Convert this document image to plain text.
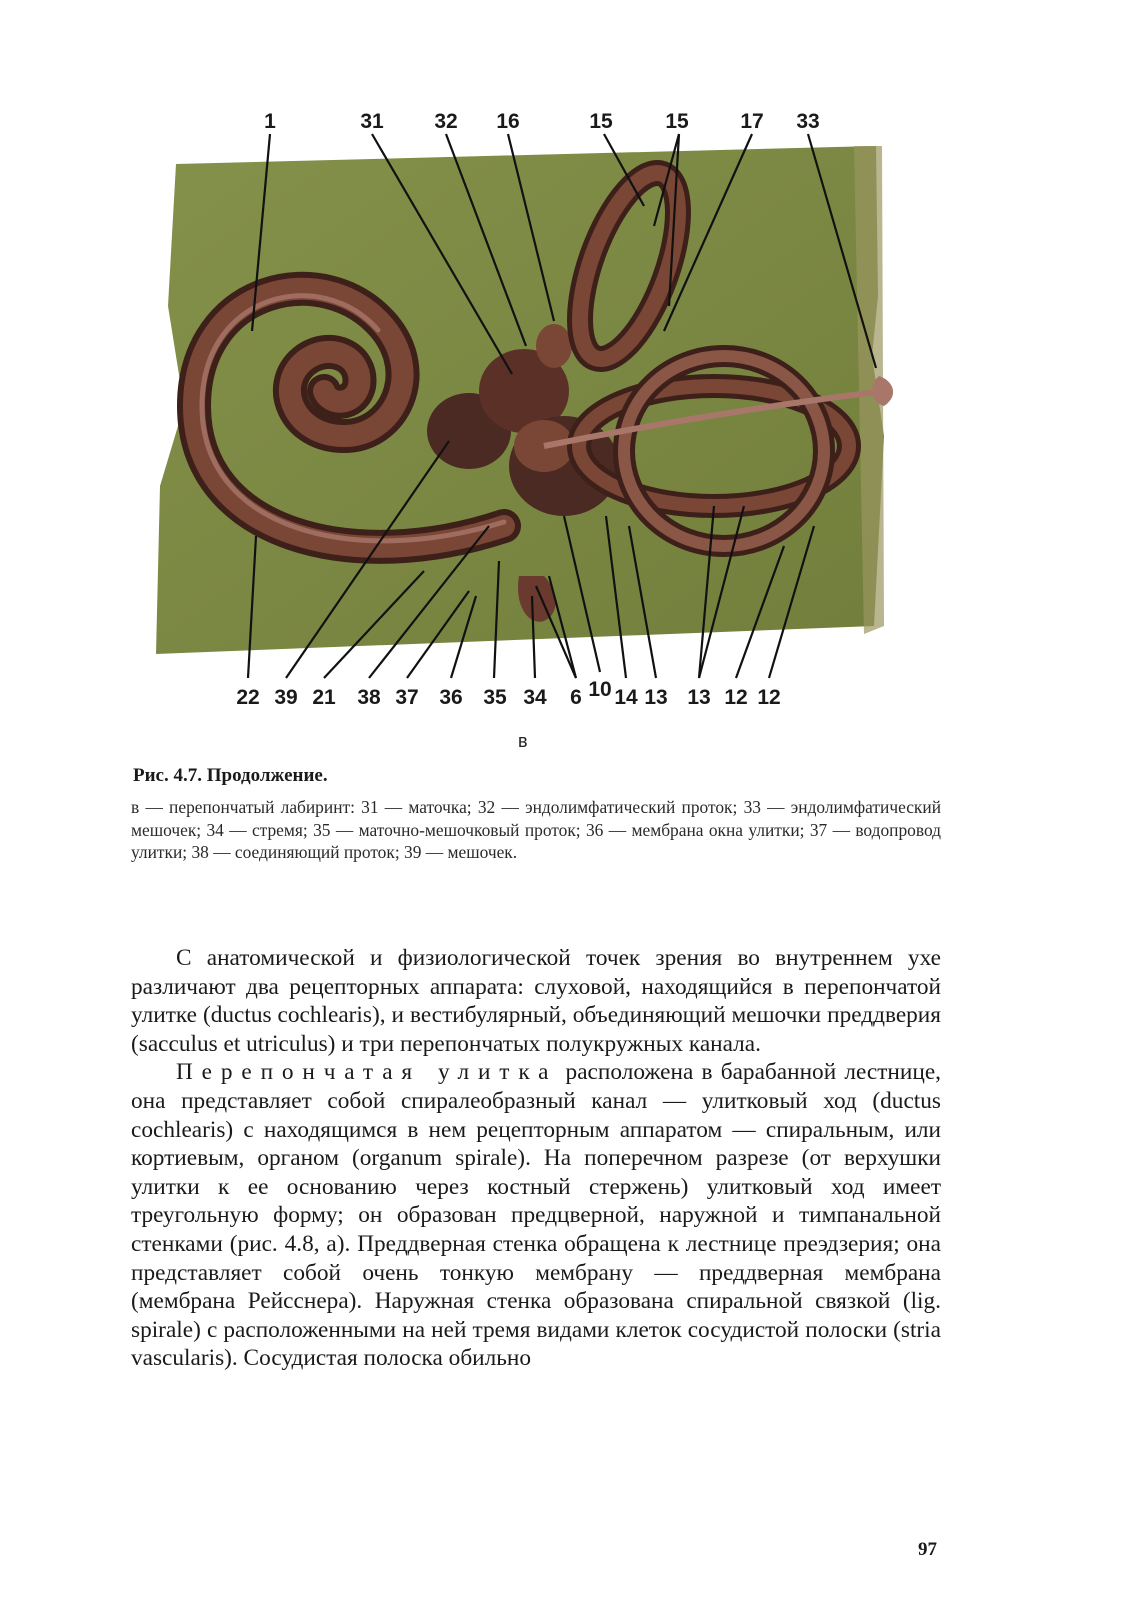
1	31 32 16	15	15 17 33
22 39 21 38 37 36 35 34 6 10 14 13 13 12 12
в
Рис. 4.7. Продолжение.
в — перепончатый лабиринт: 31 — маточка; 32 — эндолимфатический проток; 33 — эндолимфатический мешочек; 34 — стремя; 35 — маточно-мешочковый проток; 36 — мембрана окна улитки; 37 — водопровод улитки; 38 — соединяющий проток; 39 — мешочек.

С анатомической и физиологической точек зрения во внутреннем ухе различают два рецепторных аппарата: слуховой, находящийся в перепончатой улитке (ductus cochlearis), и вестибулярный, объединяющий мешочки преддверия (sacculus et utriculus) и три перепончатых полукружных канала.

Перепончатая улитка расположена в барабанной лестнице, она представляет собой спиралеобразный канал — улитковый ход (ductus cochlearis) с находящимся в нем рецепторным аппаратом — спиральным, или кортиевым, органом (organum spirale). На поперечном разрезе (от верхушки улитки к ее основанию через костный стержень) улитковый ход имеет треугольную форму; он образован предцверной, наружной и тимпанальной стенками (рис. 4.8, а). Преддверная стенка обращена к лестнице преэдзерия; она представляет собой очень тонкую мембрану — преддверная мембрана (мембрана Рейсснера). Наружная стенка образована спиральной связкой (lig. spirale) с расположенными на ней тремя видами клеток сосудистой полоски (stria vascularis). Сосудистая полоска обильно

97
